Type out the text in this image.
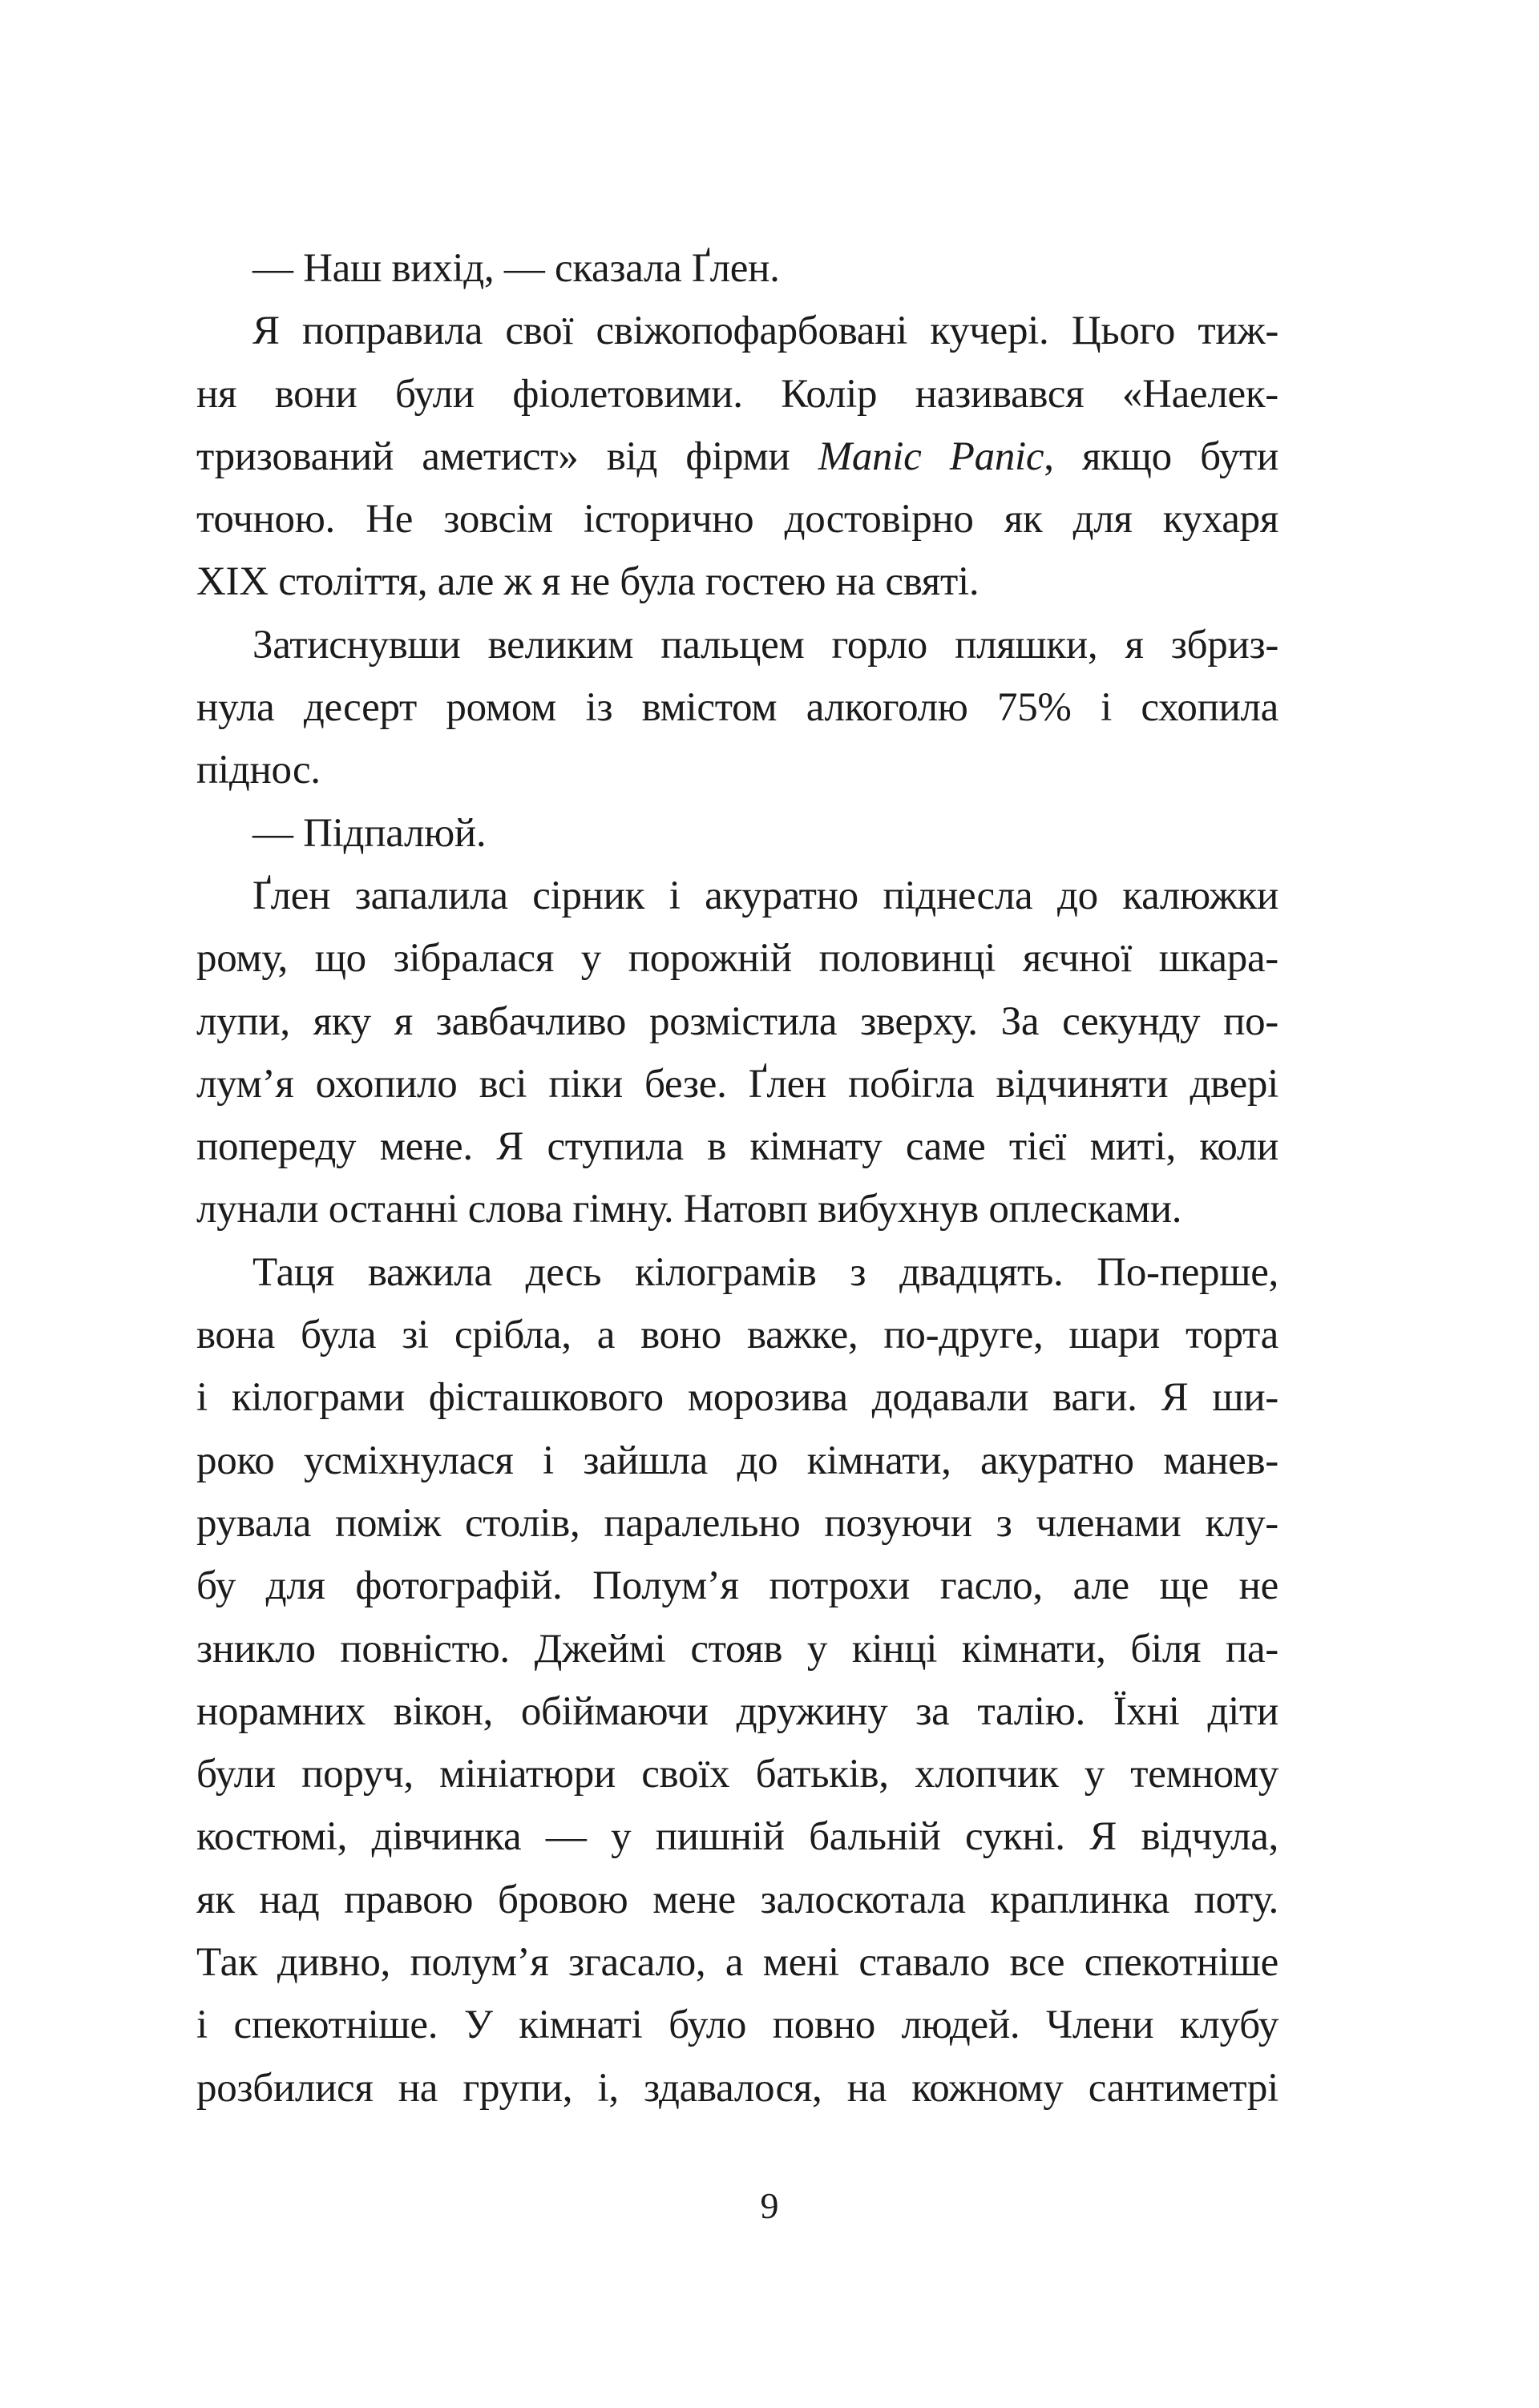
— Наш вихід, — сказала Ґлен.

Я поправила свої свіжопофарбовані кучері. Цього тиж-
ня вони були фіолетовими. Колір називався «Наелек-
тризований аметист» від фірми Manic Panic, якщо бути
точною. Не зовсім історично достовірно як для кухаря
XIX століття, але ж я не була гостею на святі.

Затиснувши великим пальцем горло пляшки, я збриз-
нула десерт ромом із вмістом алкоголю 75% і схопила
піднос.

— Підпалюй.

Ґлен запалила сірник і акуратно піднесла до калюжки
рому, що зібралася у порожній половинці яєчної шкара-
лупи, яку я завбачливо розмістила зверху. За секунду по-
лум’я охопило всі піки безе. Ґлен побігла відчиняти двері
попереду мене. Я ступила в кімнату саме тієї миті, коли
лунали останні слова гімну. Натовп вибухнув оплесками.

Таця важила десь кілограмів з двадцять. По-перше,
вона була зі срібла, а воно важке, по-друге, шари торта
і кілограми фісташкового морозива додавали ваги. Я ши-
роко усміхнулася і зайшла до кімнати, акуратно манев-
рувала поміж столів, паралельно позуючи з членами клу-
бу для фотографій. Полум’я потрохи гасло, але ще не
зникло повністю. Джеймі стояв у кінці кімнати, біля па-
норамних вікон, обіймаючи дружину за талію. Їхні діти
були поруч, мініатюри своїх батьків, хлопчик у темному
костюмі, дівчинка — у пишній бальній сукні. Я відчула,
як над правою бровою мене залоскотала краплинка поту.
Так дивно, полум’я згасало, а мені ставало все спекотніше
і спекотніше. У кімнаті було повно людей. Члени клубу
розбилися на групи, і, здавалося, на кожному сантиметрі

9
